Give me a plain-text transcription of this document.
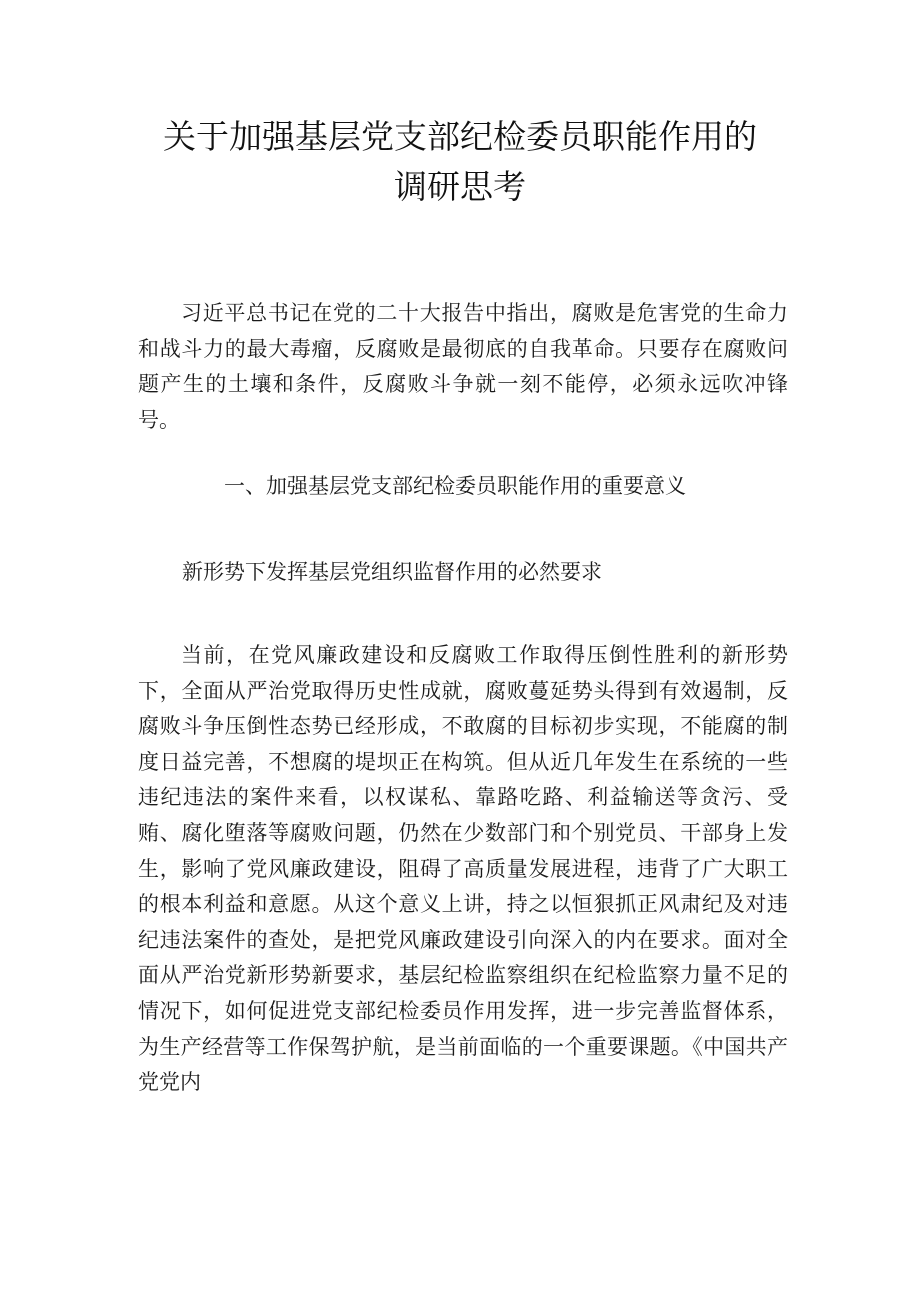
关于加强基层党支部纪检委员职能作用的
调研思考

习近平总书记在党的二十大报告中指出，腐败是危害党的生命力和战斗力的最大毒瘤，反腐败是最彻底的自我革命。只要存在腐败问题产生的土壤和条件，反腐败斗争就一刻不能停，必须永远吹冲锋号。

一、加强基层党支部纪检委员职能作用的重要意义
新形势下发挥基层党组织监督作用的必然要求

当前，在党风廉政建设和反腐败工作取得压倒性胜利的新形势下，全面从严治党取得历史性成就，腐败蔓延势头得到有效遏制，反腐败斗争压倒性态势已经形成，不敢腐的目标初步实现，不能腐的制度日益完善，不想腐的堤坝正在构筑。但从近几年发生在系统的一些违纪违法的案件来看，以权谋私、靠路吃路、利益输送等贪污、受贿、腐化堕落等腐败问题，仍然在少数部门和个别党员、干部身上发生，影响了党风廉政建设，阻碍了高质量发展进程，违背了广大职工的根本利益和意愿。从这个意义上讲，持之以恒狠抓正风肃纪及对违纪违法案件的查处，是把党风廉政建设引向深入的内在要求。面对全面从严治党新形势新要求，基层纪检监察组织在纪检监察力量不足的情况下，如何促进党支部纪检委员作用发挥，进一步完善监督体系，为生产经营等工作保驾护航，是当前面临的一个重要课题。《中国共产党党内
